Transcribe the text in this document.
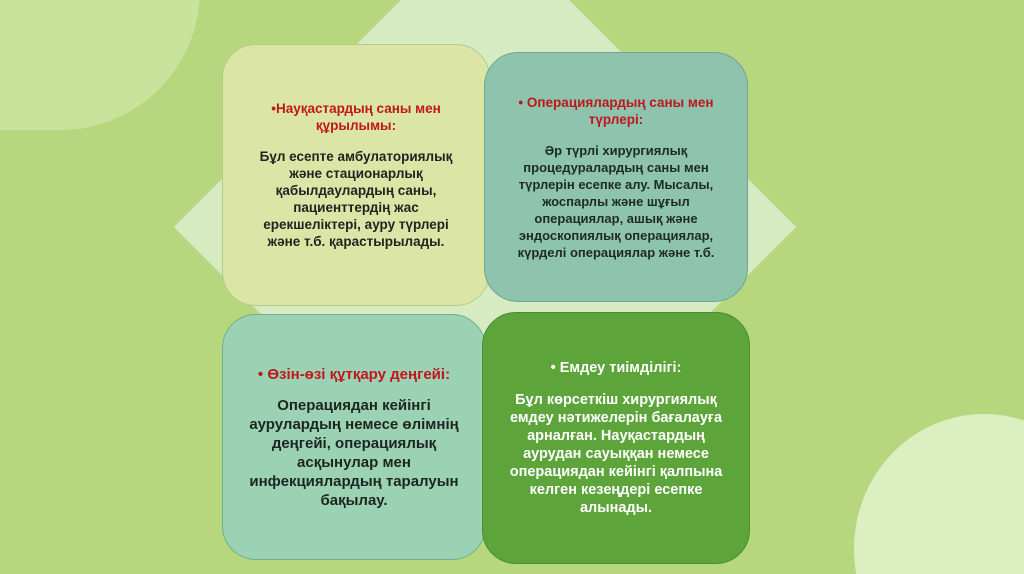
•Науқастардың саны мен құрылымы:

Бұл есепте амбулаториялық және стационарлық қабылдаулардың саны, пациенттердің жас ерекшеліктері, ауру түрлері және т.б. қарастырылады.

• Операциялардың саны мен түрлері:

Әр түрлі хирургиялық процедуралардың саны мен түрлерін есепке алу. Мысалы, жоспарлы және шұғыл операциялар, ашық және эндоскопиялық операциялар, күрделі операциялар және т.б.

• Өзін-өзі құтқару деңгейі:

Операциядан кейінгі аурулардың немесе өлімнің деңгейі, операциялық асқынулар мен инфекциялардың таралуын бақылау.

• Емдеу тиімділігі:

Бұл көрсеткіш хирургиялық емдеу нәтижелерін бағалауға арналған. Науқастардың аурудан сауыққан немесе операциядан кейінгі қалпына келген кезеңдері есепке алынады.
